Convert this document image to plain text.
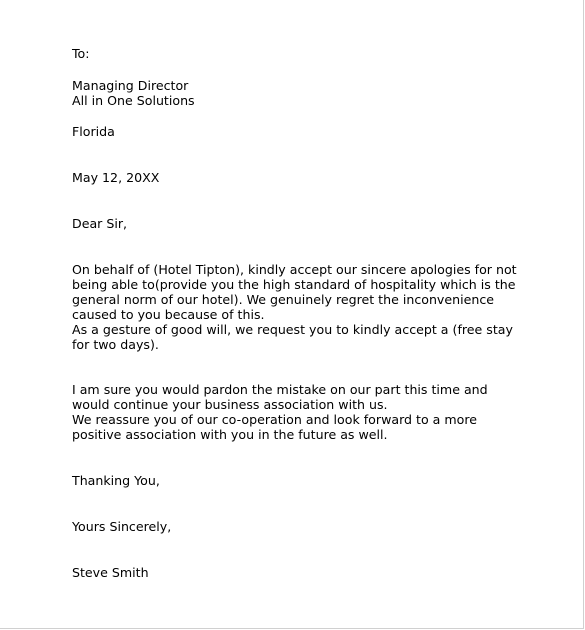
To:
Managing Director
All in One Solutions
Florida
May 12, 20XX
Dear Sir,
On behalf of (Hotel Tipton), kindly accept our sincere apologies for not
being able to(provide you the high standard of hospitality which is the
general norm of our hotel). We genuinely regret the inconvenience
caused to you because of this.
As a gesture of good will, we request you to kindly accept a (free stay
for two days).
I am sure you would pardon the mistake on our part this time and
would continue your business association with us.
We reassure you of our co-operation and look forward to a more
positive association with you in the future as well.
Thanking You,
Yours Sincerely,
Steve Smith
